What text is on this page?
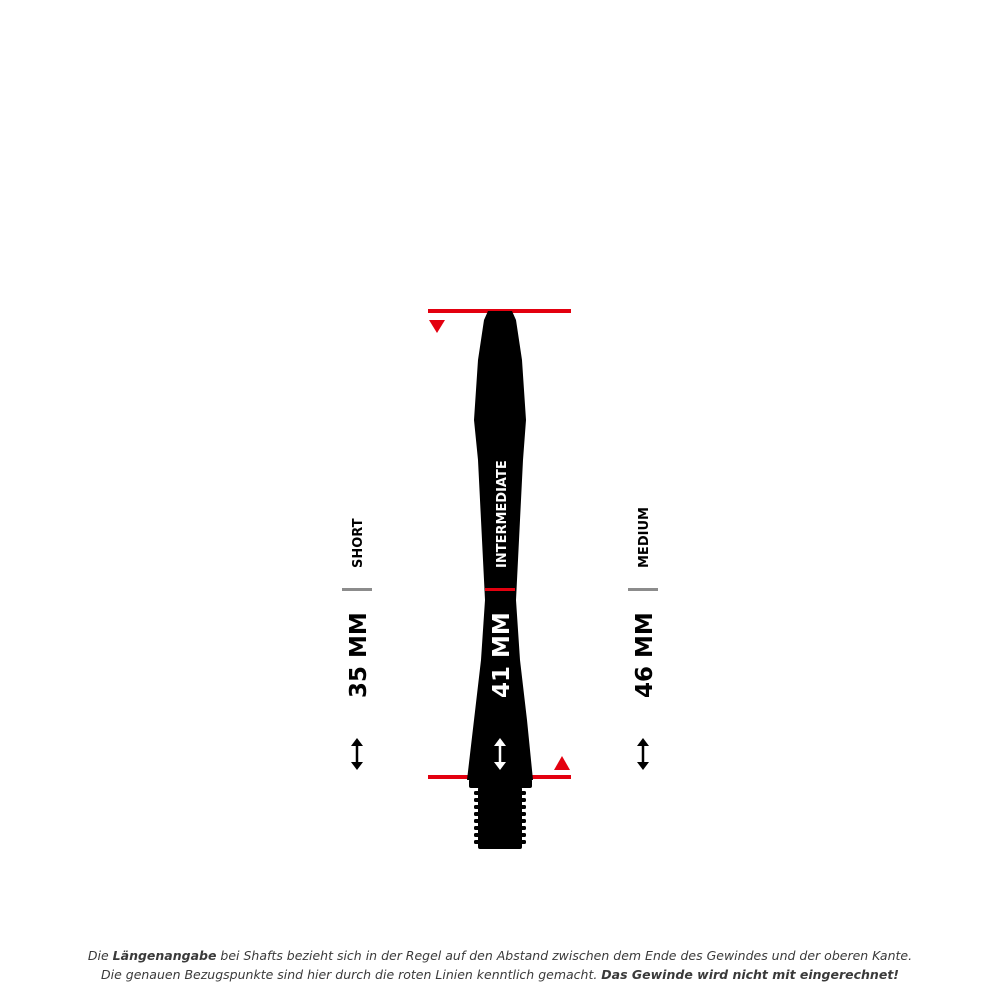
SHORT
35 MM
INTERMEDIATE
41 MM
MEDIUM
46 MM
Die Längenangabe bei Shafts bezieht sich in der Regel auf den Abstand zwischen dem Ende des Gewindes und der oberen Kante.
Die genauen Bezugspunkte sind hier durch die roten Linien kenntlich gemacht. Das Gewinde wird nicht mit eingerechnet!
